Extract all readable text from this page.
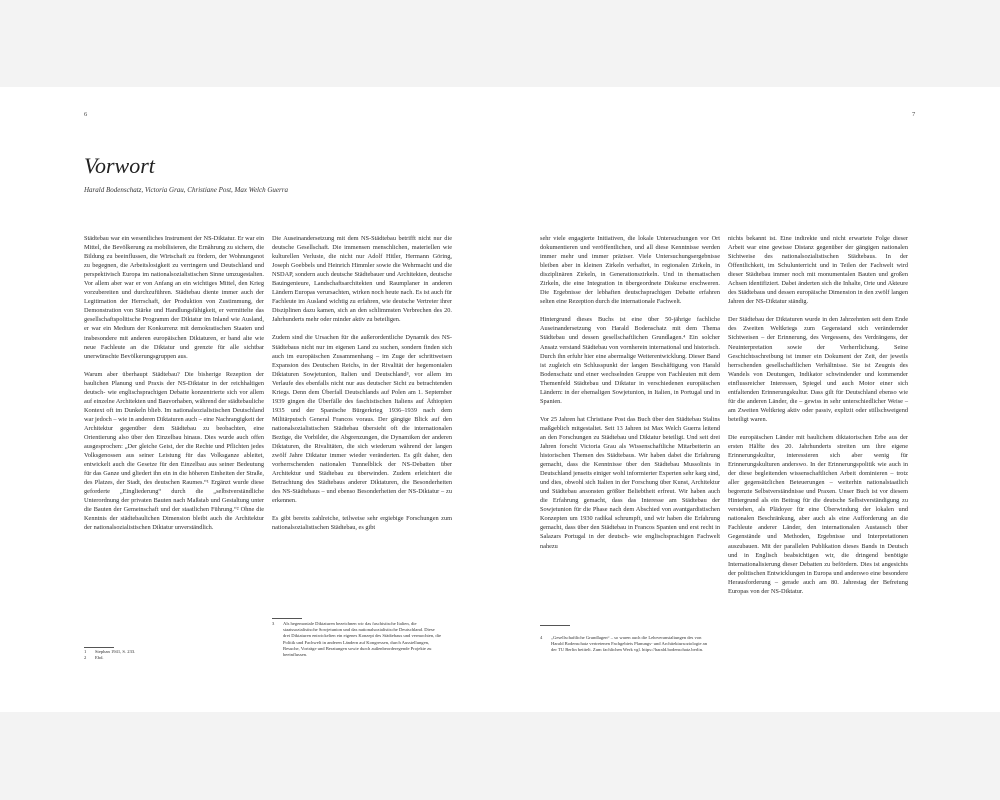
6	7
Vorwort
Harald Bodenschatz, Victoria Grau, Christiane Post, Max Welch Guerra

Städtebau war ein wesentliches Instrument der NS-Diktatur. Er war ein Mittel, die Bevölkerung zu mobilisieren, die Ernährung zu sichern, die Bildung zu beeinflussen, die Wirtschaft zu fördern, der Wohnungsnot zu begegnen, die Arbeitslosigkeit zu verringern und Deutschland und perspektivisch Europa im nationalsozialistischen Sinne umzugestalten. Vor allem aber war er von Anfang an ein wichtiges Mittel, den Krieg vorzubereiten und durchzuführen. Städtebau diente immer auch der Legitimation der Herrschaft, der Produktion von Zustimmung, der Demonstration von Stärke und Handlungsfähigkeit, er vermittelte das gesellschaftspolitische Programm der Diktatur im Inland wie Ausland, er war ein Medium der Konkurrenz mit demokratischen Staaten und insbesondere mit anderen europäischen Diktaturen, er band alte wie neue Fachleute an die Diktatur und grenzte für alle sichtbar unerwünschte Bevölkerungsgruppen aus.

Warum aber überhaupt Städtebau? Die bisherige Rezeption der baulichen Planung und Praxis der NS-Diktatur in der reichhaltigen deutsch- wie englischsprachigen Debatte konzentrierte sich vor allem auf einzelne Architekten und Bauvorhaben, während der städtebauliche Kontext oft im Dunkeln blieb. Im nationalsozialistischen Deutschland war jedoch – wie in anderen Diktaturen auch – eine Nachrangigkeit der Architektur gegenüber dem Städtebau zu beobachten, eine Orientierung also über den Einzelbau hinaus. Dies wurde auch offen ausgesprochen: „Der gleiche Geist, der die Rechte und Pflichten jedes Volksgenossen aus seiner Leistung für das Volksganze ableitet, entwickelt auch die Gesetze für den Einzelbau aus seiner Bedeutung für das Ganze und gliedert ihn ein in die höheren Einheiten der Straße, des Platzes, der Stadt, des deutschen Raumes.“¹ Ergänzt wurde diese geforderte „Eingliederung“ durch die „selbstverständliche Unterordnung der privaten Bauten nach Maßstab und Gestaltung unter die Bauten der Gemeinschaft und der staatlichen Führung.“² Ohne die Kenntnis der städtebaulichen Dimension bleibt auch die Architektur der nationalsozialistischen Diktatur unverständlich.

Die Auseinandersetzung mit dem NS-Städtebau betrifft nicht nur die deutsche Gesellschaft. Die immensen menschlichen, materiellen wie kulturellen Verluste, die nicht nur Adolf Hitler, Hermann Göring, Joseph Goebbels und Heinrich Himmler sowie die Wehrmacht und die NSDAP, sondern auch deutsche Städtebauer und Architekten, deutsche Bauingenieure, Landschaftsarchitekten und Raumplaner in anderen Ländern Europas verursachten, wirken noch heute nach. Es ist auch für Fachleute im Ausland wichtig zu erfahren, wie deutsche Vertreter ihrer Disziplinen dazu kamen, sich an den schlimmsten Verbrechen des 20. Jahrhunderts mehr oder minder aktiv zu beteiligen.

Zudem sind die Ursachen für die außerordentliche Dynamik des NS-Städtebaus nicht nur im eigenen Land zu suchen, sondern finden sich auch im europäischen Zusammenhang – im Zuge der schrittweisen Expansion des Deutschen Reichs, in der Rivalität der hegemonialen Diktaturen Sowjetunion, Italien und Deutschland³, vor allem im Verlaufe des ebenfalls nicht nur aus deutscher Sicht zu betrachtenden Kriegs. Denn dem Überfall Deutschlands auf Polen am 1. September 1939 gingen die Überfälle des faschistischen Italiens auf Äthiopien 1935 und der Spanische Bürgerkrieg 1936–1939 nach dem Militärputsch General Francos voraus. Der gängige Blick auf den nationalsozialistischen Städtebau übersieht oft die internationalen Bezüge, die Vorbilder, die Abgrenzungen, die Dynamiken der anderen Diktaturen, die Rivalitäten, die sich wiederum während der langen zwölf Jahre Diktatur immer wieder veränderten. Es gilt daher, den vorherrschenden nationalen Tunnelblick der NS-Debatten über Architektur und Städtebau zu überwinden. Zudem erleichtert die Betrachtung des Städtebaus anderer Diktaturen, die Besonderheiten des NS-Städtebaus – und ebenso Besonderheiten der NS-Diktatur – zu erkennen.

Es gibt bereits zahlreiche, teilweise sehr ergiebige Forschungen zum nationalsozialistischen Städtebau, es gibt

sehr viele engagierte Initiativen, die lokale Untersuchungen vor Ort dokumentieren und veröffentlichen, und all diese Kenntnisse werden immer mehr und immer präziser. Viele Untersuchungsergebnisse bleiben aber in kleinen Zirkeln verhaftet, in regionalen Zirkeln, in disziplinären Zirkeln, in Generationszirkeln. Und in thematischen Zirkeln, die eine Integration in übergeordnete Diskurse erschweren. Die Ergebnisse der lebhaften deutschsprachigen Debatte erfahren selten eine Rezeption durch die internationale Fachwelt.

Hintergrund dieses Buchs ist eine über 50-jährige fachliche Auseinandersetzung von Harald Bodenschatz mit dem Thema Städtebau und dessen gesellschaftlichen Grundlagen.⁴ Ein solcher Ansatz verstand Städtebau von vornherein international und historisch. Durch ihn erfuhr hier eine abermalige Weiterentwicklung. Dieser Band ist zugleich ein Schlusspunkt der langen Beschäftigung von Harald Bodenschatz und einer wechselnden Gruppe von Fachleuten mit dem Themenfeld Städtebau und Diktatur in verschiedenen europäischen Ländern: in der ehemaligen Sowjetunion, in Italien, in Portugal und in Spanien.

Vor 25 Jahren hat Christiane Post das Buch über den Städtebau Stalins maßgeblich mitgestaltet. Seit 13 Jahren ist Max Welch Guerra leitend an den Forschungen zu Städtebau und Diktatur beteiligt. Und seit drei Jahren forscht Victoria Grau als Wissenschaftliche Mitarbeiterin an historischen Themen des Städtebaus. Wir haben dabei die Erfahrung gemacht, dass die Kenntnisse über den Städtebau Mussolinis in Deutschland jenseits einiger wohl informierter Experten sehr karg sind, und dies, obwohl sich Italien in der Forschung über Kunst, Architektur und Städtebau ansonsten größter Beliebtheit erfreut. Wir haben auch die Erfahrung gemacht, dass das Interesse am Städtebau der Sowjetunion für die Phase nach dem Abschied von avantgardistischen Konzepten um 1930 radikal schrumpft, und wir haben die Erfahrung gemacht, dass über den Städtebau in Francos Spanien und erst recht in Salazars Portugal in der deutsch- wie englischsprachigen Fachwelt nahezu

nichts bekannt ist. Eine indirekte und nicht erwartete Folge dieser Arbeit war eine gewisse Distanz gegenüber der gängigen nationalen Sichtweise des nationalsozialistischen Städtebaus. In der Öffentlichkeit, im Schulunterricht und in Teilen der Fachwelt wird dieser Städtebau immer noch mit monumentalen Bauten und großen Achsen identifiziert. Dabei änderten sich die Inhalte, Orte und Akteure des Städtebaus und dessen europäische Dimension in den zwölf langen Jahren der NS-Diktatur ständig.

Der Städtebau der Diktaturen wurde in den Jahrzehnten seit dem Ende des Zweiten Weltkriegs zum Gegenstand sich verändernder Sichtweisen – der Erinnerung, des Vergessens, des Verdrängens, der Neuinterpretation sowie der Verherrlichung. Seine Geschichtsschreibung ist immer ein Dokument der Zeit, der jeweils herrschenden gesellschaftlichen Verhältnisse. Sie ist Zeugnis des Wandels von Deutungen, Indikator schwindender und kommender einflussreicher Interessen, Spiegel und auch Motor einer sich entfaltenden Erinnerungskultur. Dass gilt für Deutschland ebenso wie für die anderen Länder, die – gewiss in sehr unterschiedlicher Weise – am Zweiten Weltkrieg aktiv oder passiv, explizit oder stillschweigend beteiligt waren.

Die europäischen Länder mit baulichem diktatorischen Erbe aus der ersten Hälfte des 20. Jahrhunderts streiten um ihre eigene Erinnerungskultur, interessieren sich aber wenig für Erinnerungskulturen anderswo. In der Erinnerungspolitik wie auch in der diese begleitenden wissenschaftlichen Arbeit dominieren – trotz aller gegensätzlichen Beteuerungen – weiterhin nationalstaatlich begrenzte Selbstverständnisse und Praxen. Unser Buch ist vor diesem Hintergrund als ein Beitrag für die deutsche Selbstverständigung zu verstehen, als Plädoyer für eine Überwindung der lokalen und nationalen Beschränkung, aber auch als eine Aufforderung an die Fachleute anderer Länder, den internationalen Austausch über Gegenstände und Methoden, Ergebnisse und Interpretationen auszubauen. Mit der parallelen Publikation dieses Bands in Deutsch und in Englisch beabsichtigen wir, die dringend benötigte Internationalisierung dieser Debatten zu befördern. Dies ist angesichts der politischen Entwicklungen in Europa und anderswo eine besondere Herausforderung – gerade auch am 80. Jahrestag der Befreiung Europas von der NS-Diktatur.

1	Stephan 1941, S. 233.
2	Ebd.
3	Als hegemoniale Diktaturen bezeichnen wir das faschistische Italien, die staatssozialistische Sowjetunion und das nationalsozialistische Deutschland. Diese drei Diktaturen entwickelten ein eigenes Konzept des Städtebaus und vermochten, die Politik und Fachwelt in anderen Ländern auf Kongressen, durch Ausstellungen, Besuche, Vorträge und Beratungen sowie durch außenbeorderegende Projekte zu beeinflussen.
4	„Gesellschaftliche Grundlagen“ – so waren auch die Lehrveranstaltungen des von Harald Bodenschatz vertretenen Fachgebiets Planungs- und Architektursoziologie an der TU Berlin betitelt. Zum fachlichen Werk vgl. https://harald.bodenschatz.berlin.
